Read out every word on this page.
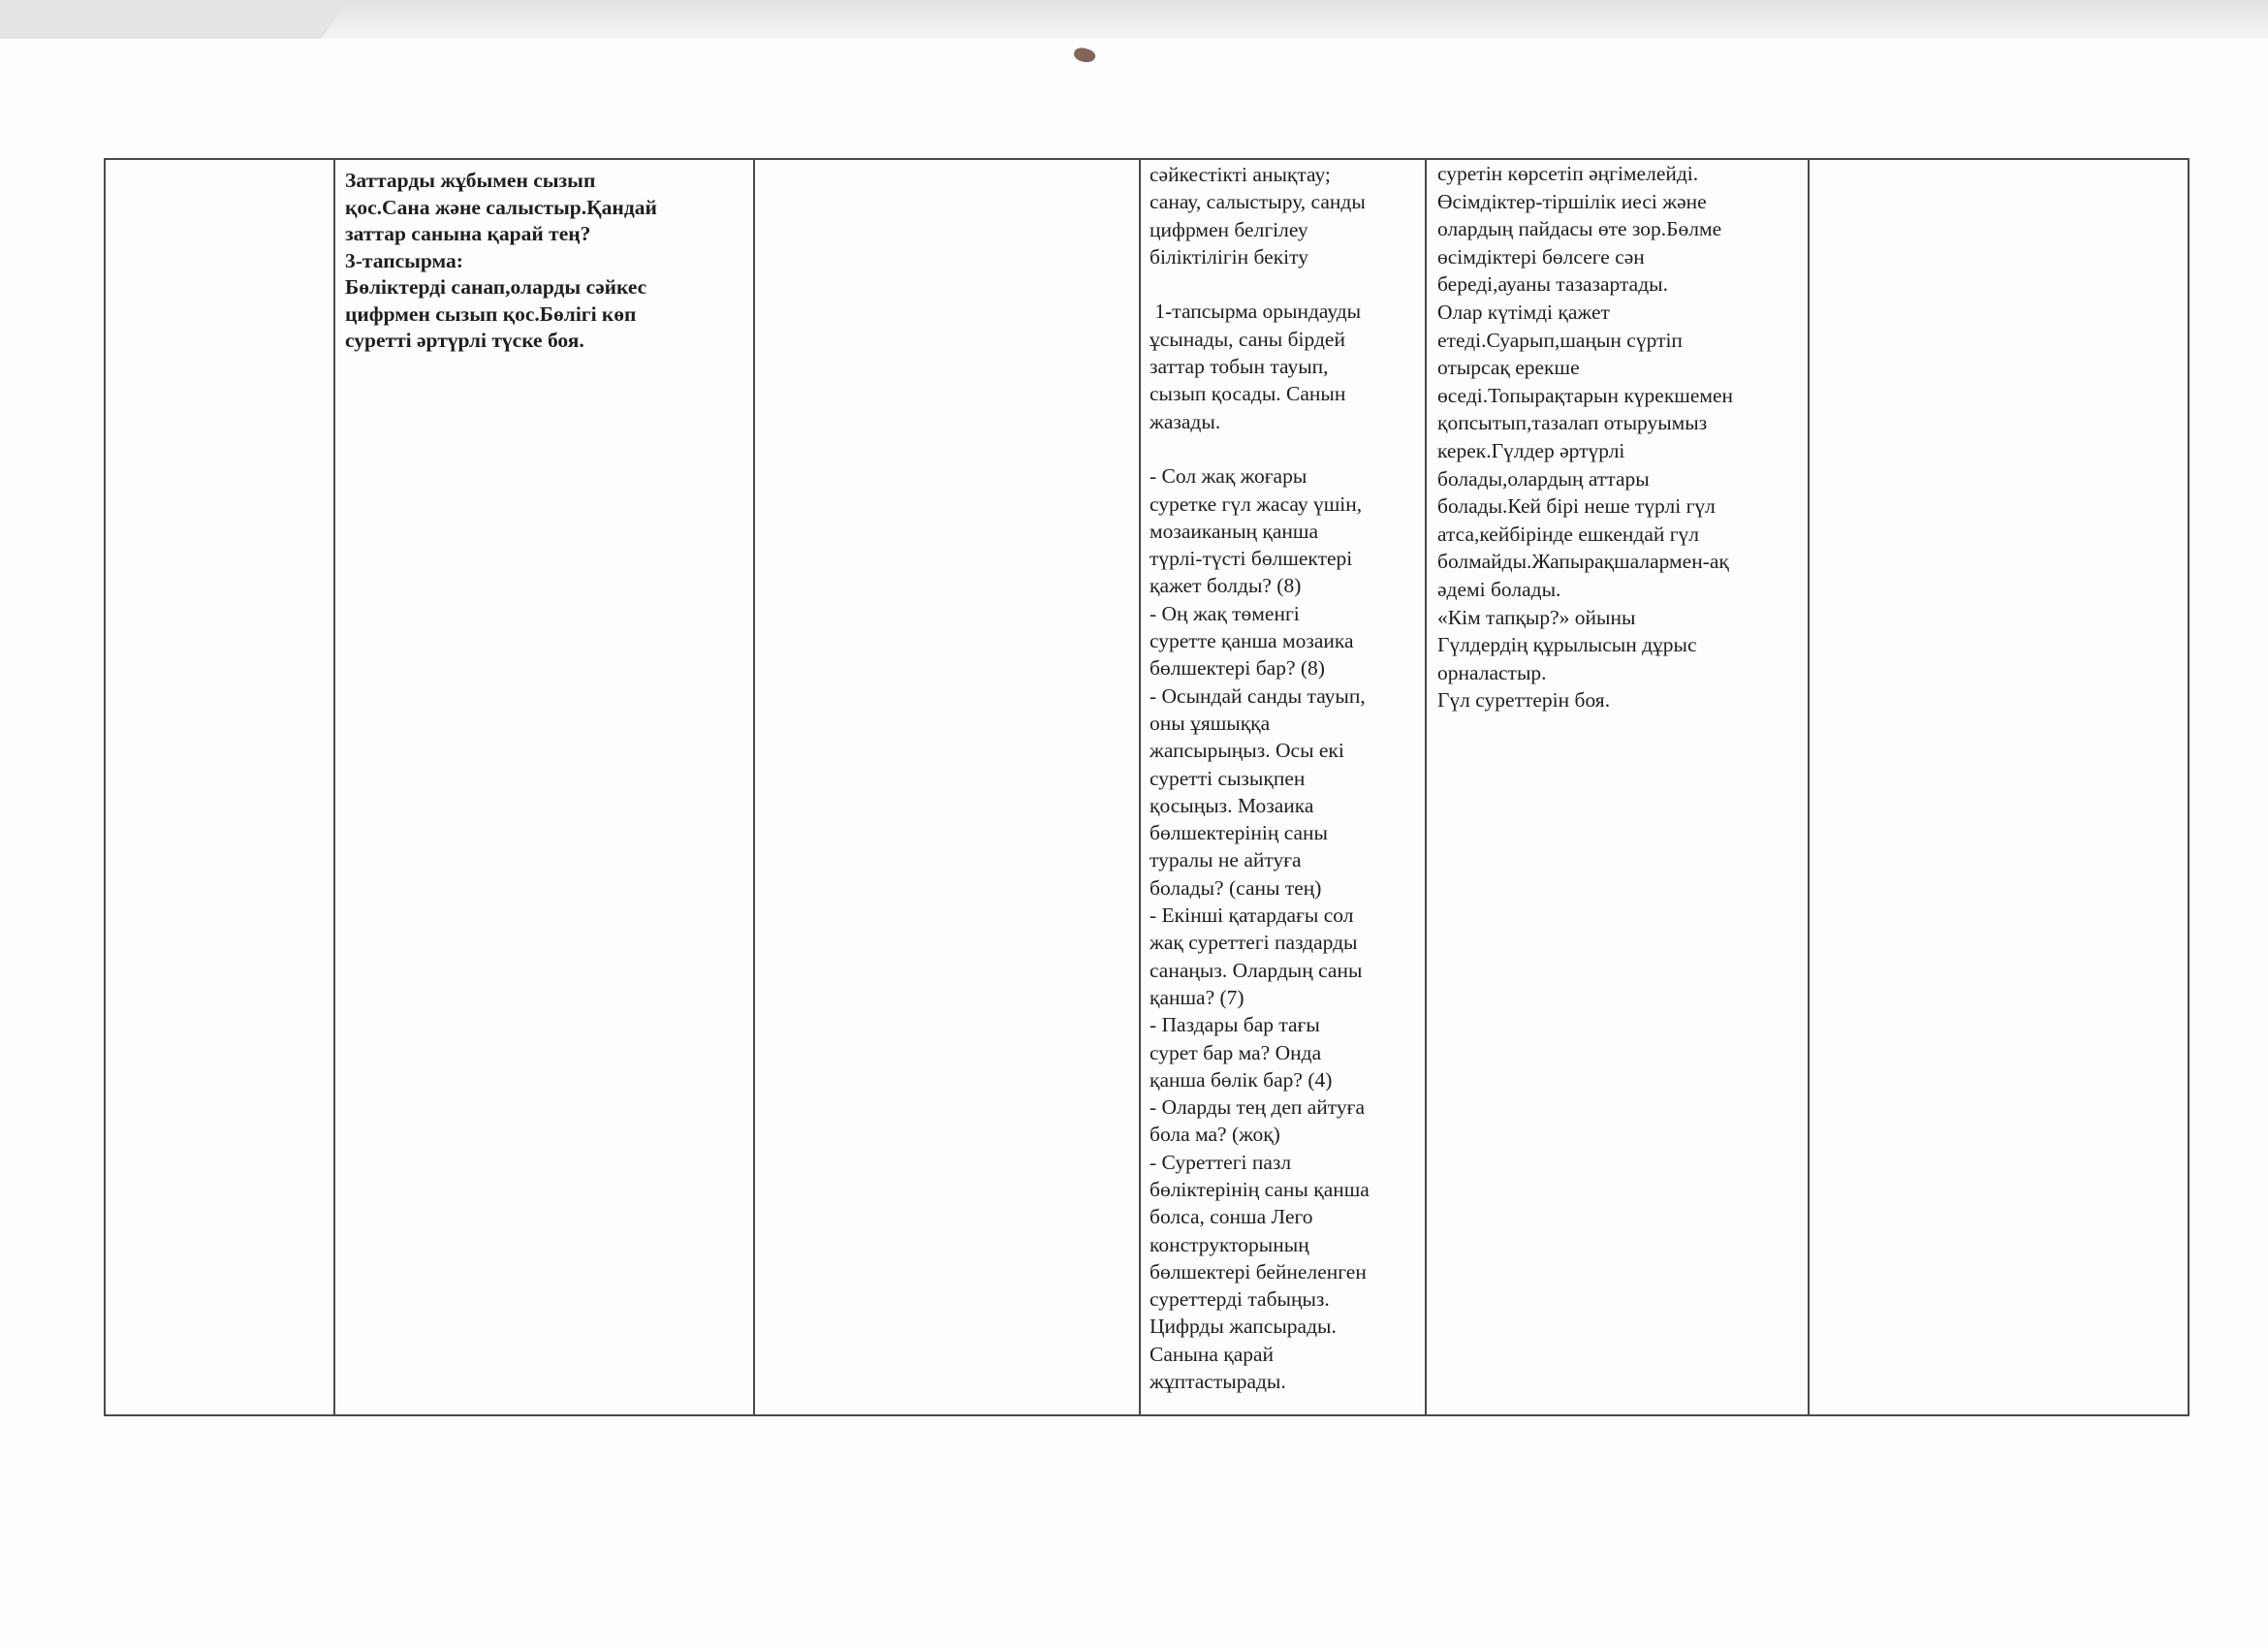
Заттарды жұбымен сызып
қос.Сана және салыстыр.Қандай
заттар санына қарай тең?
3-тапсырма:
Бөліктерді санап,оларды сәйкес
цифрмен сызып қос.Бөлігі көп
суретті әртүрлі түске боя.

сәйкестікті анықтау;
санау, салыстыру, санды
цифрмен белгілеу
біліктілігін бекіту

1-тапсырма орындауды
ұсынады, саны бірдей
заттар тобын тауып,
сызып қосады. Санын
жазады.

- Сол жақ жоғары
суретке гүл жасау үшін,
мозаиканың қанша
түрлі-түсті бөлшектері
қажет болды? (8)
- Оң жақ төменгі
суретте қанша мозаика
бөлшектері бар? (8)
- Осындай санды тауып,
оны ұяшыққа
жапсырыңыз. Осы екі
суретті сызықпен
қосыңыз. Мозаика
бөлшектерінің саны
туралы не айтуға
болады? (саны тең)
- Екінші қатардағы сол
жақ суреттегі паздарды
санаңыз. Олардың саны
қанша? (7)
- Паздары бар тағы
сурет бар ма? Онда
қанша бөлік бар? (4)
- Оларды тең деп айтуға
бола ма? (жоқ)
- Суреттегі пазл
бөліктерінің саны қанша
болса, сонша Лего
конструкторының
бөлшектері бейнеленген
суреттерді табыңыз.
Цифрды жапсырады.
Санына қарай
жұптастырады.

суретін көрсетіп әңгімелейді.
Өсімдіктер-тіршілік иесі және
олардың пайдасы өте зор.Бөлме
өсімдіктері бөлсеге сән
береді,ауаны тазазартады.
Олар күтімді қажет
етеді.Суарып,шаңын сүртіп
отырсақ ерекше
өседі.Топырақтарын күрекшемен
қопсытып,тазалап отыруымыз
керек.Гүлдер әртүрлі
болады,олардың аттары
болады.Кей бірі неше түрлі гүл
атса,кейбірінде ешкендай гүл
болмайды.Жапырақшалармен-ақ
әдемі болады.
«Кім тапқыр?» ойыны
Гүлдердің құрылысын дұрыс
орналастыр.
Гүл суреттерін боя.
